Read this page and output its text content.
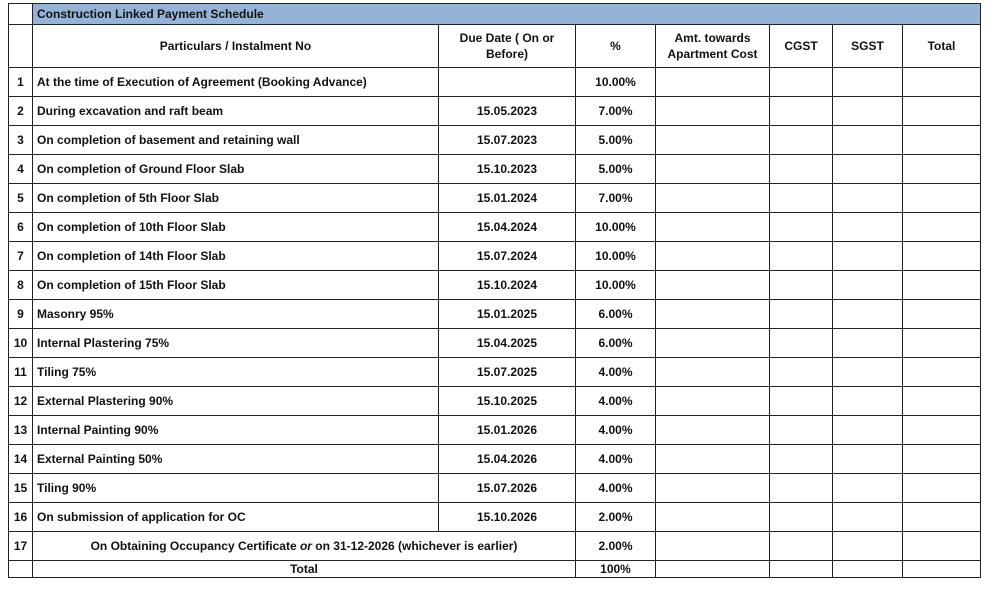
	Construction Linked Payment Schedule						
	Particulars / Instalment No	Due Date ( On or Before)	%	Amt. towards Apartment Cost	CGST	SGST	Total
1	At the time of Execution of Agreement (Booking Advance)		10.00%				
2	During excavation and raft beam	15.05.2023	7.00%				
3	On completion of basement and retaining wall	15.07.2023	5.00%				
4	On completion of Ground Floor Slab	15.10.2023	5.00%				
5	On completion of 5th Floor Slab	15.01.2024	7.00%				
6	On completion of 10th Floor Slab	15.04.2024	10.00%				
7	On completion of 14th Floor Slab	15.07.2024	10.00%				
8	On completion of 15th Floor Slab	15.10.2024	10.00%				
9	Masonry 95%	15.01.2025	6.00%				
10	Internal Plastering 75%	15.04.2025	6.00%				
11	Tiling 75%	15.07.2025	4.00%				
12	External Plastering 90%	15.10.2025	4.00%				
13	Internal Painting 90%	15.01.2026	4.00%				
14	External Painting 50%	15.04.2026	4.00%				
15	Tiling 90%	15.07.2026	4.00%				
16	On submission of application for OC	15.10.2026	2.00%				
17	On Obtaining Occupancy Certificate or on 31-12-2026 (whichever is earlier)		2.00%				
	Total		100%				
